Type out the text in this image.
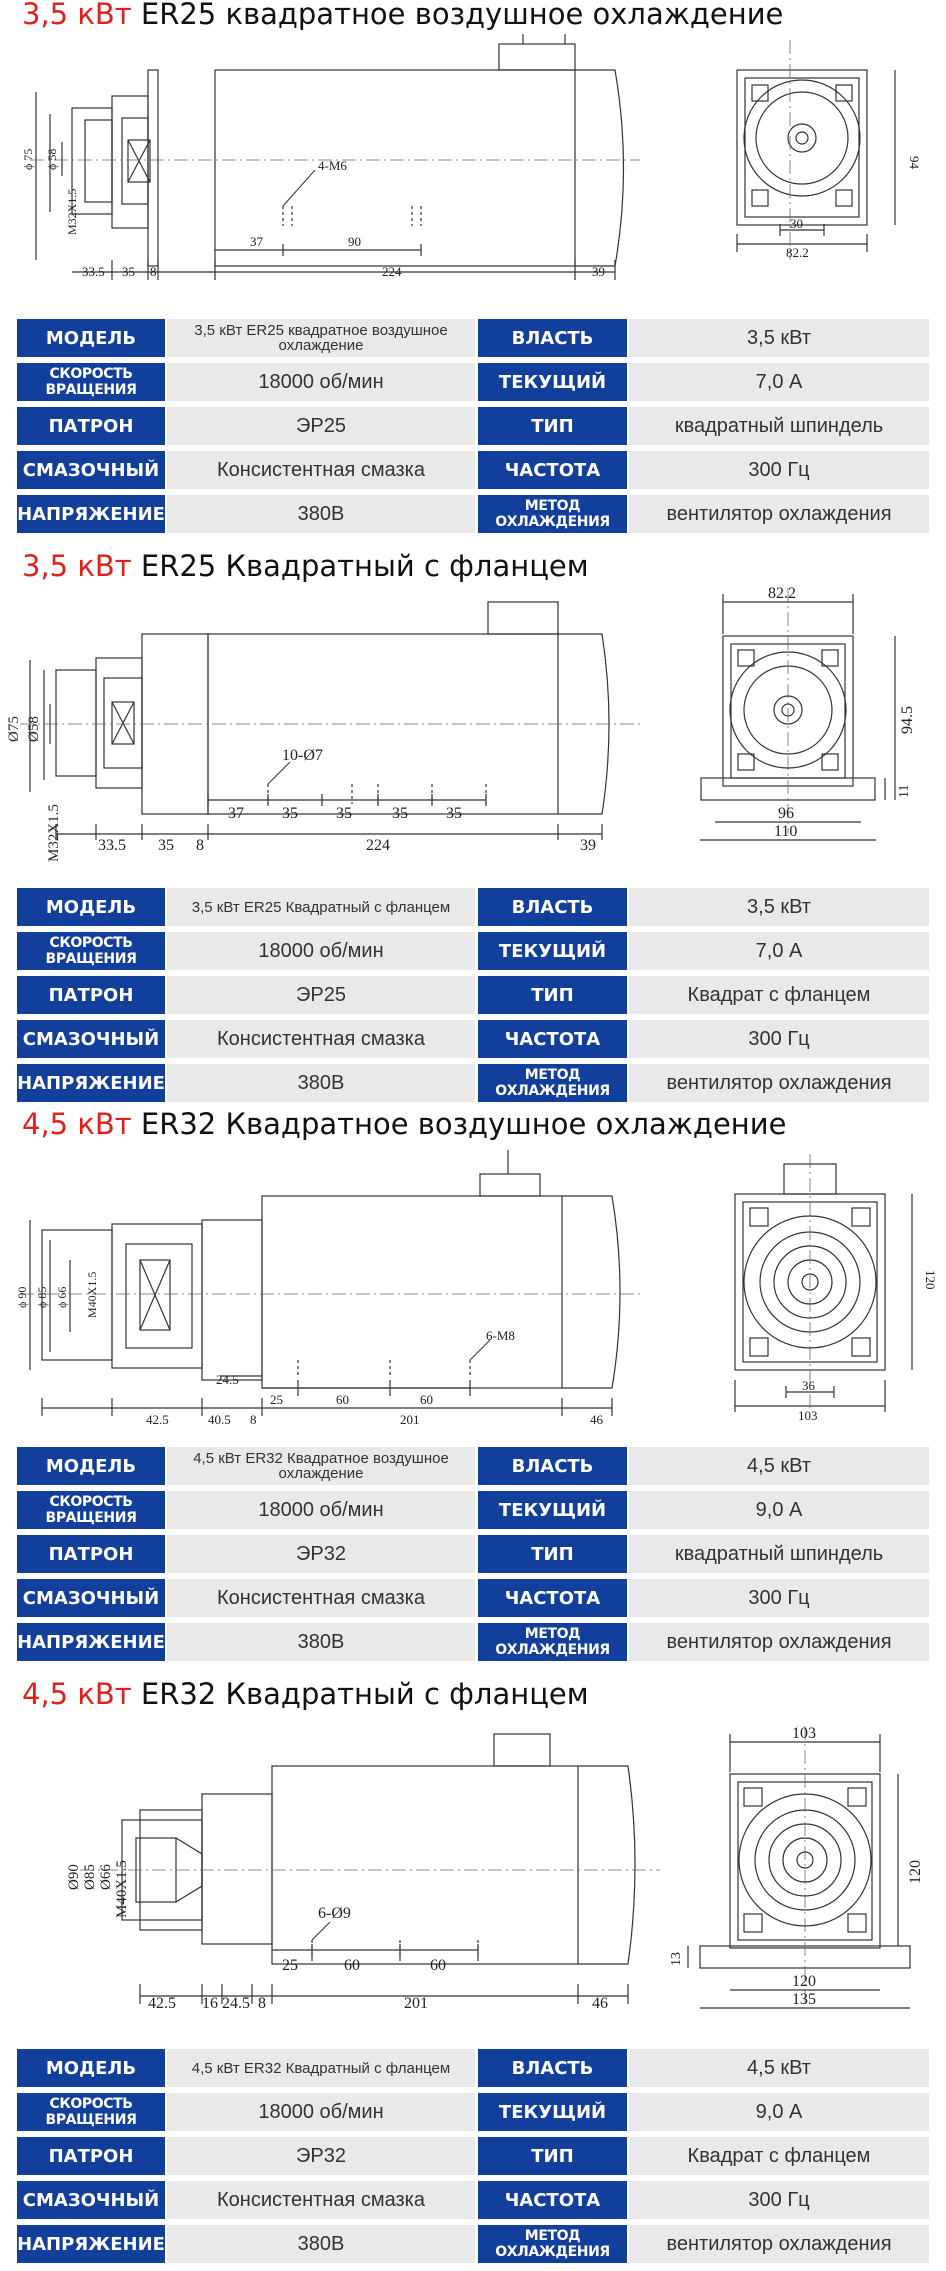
3,5 кВт ER25 квадратное воздушное охлаждение
4-M6
37	90
33.5 35 8	224	39
ϕ 75 ϕ 58
M32X1.5	30
82.2
94
МОДЕЛЬ	3,5 кВт ER25 квадратное воздушное охлаждение	ВЛАСТЬ	3,5 кВт
СКОРОСТЬ ВРАЩЕНИЯ	18000 об/мин	ТЕКУЩИЙ	7,0 А
ПАТРОН	ЭР25	ТИП	квадратный шпиндель
СМАЗОЧНЫЙ	Консистентная смазка	ЧАСТОТА	300 Гц
НАПРЯЖЕНИЕ	380В	МЕТОД ОХЛАЖДЕНИЯ	вентилятор охлаждения
3,5 кВт ER25 Квадратный с фланцем
10-Ø7
37 35 35	35 35
33.5 35 8	224	39
Ø75 Ø58
M32X1.5
82.2
96
110
94.5
11
МОДЕЛЬ	3,5 кВт ER25 Квадратный с фланцем	ВЛАСТЬ	3,5 кВт
СКОРОСТЬ ВРАЩЕНИЯ	18000 об/мин	ТЕКУЩИЙ	7,0 А
ПАТРОН	ЭР25	ТИП	Квадрат с фланцем
СМАЗОЧНЫЙ	Консистентная смазка	ЧАСТОТА	300 Гц
НАПРЯЖЕНИЕ	380В	МЕТОД ОХЛАЖДЕНИЯ	вентилятор охлаждения
4,5 кВт ER32 Квадратное воздушное охлаждение
6-M8
25	60	60
24.5
42.5	40.5 8	201	46
ϕ 90 ϕ 85 ϕ 66 M40X1.5
36
103
120
МОДЕЛЬ	4,5 кВт ER32 Квадратное воздушное охлаждение	ВЛАСТЬ	4,5 кВт
СКОРОСТЬ ВРАЩЕНИЯ	18000 об/мин	ТЕКУЩИЙ	9,0 А
ПАТРОН	ЭР32	ТИП	квадратный шпиндель
СМАЗОЧНЫЙ	Консистентная смазка	ЧАСТОТА	300 Гц
НАПРЯЖЕНИЕ	380В	МЕТОД ОХЛАЖДЕНИЯ	вентилятор охлаждения
4,5 кВт ER32 Квадратный с фланцем
6-Ø9
25	60	60
42.5 16 24.5 8	201	46
Ø90 Ø85 Ø66 M40X1.5
103
120
135
120
13
МОДЕЛЬ	4,5 кВт ER32 Квадратный с фланцем	ВЛАСТЬ	4,5 кВт
СКОРОСТЬ ВРАЩЕНИЯ	18000 об/мин	ТЕКУЩИЙ	9,0 А
ПАТРОН	ЭР32	ТИП	Квадрат с фланцем
СМАЗОЧНЫЙ	Консистентная смазка	ЧАСТОТА	300 Гц
НАПРЯЖЕНИЕ	380В	МЕТОД ОХЛАЖДЕНИЯ	вентилятор охлаждения
